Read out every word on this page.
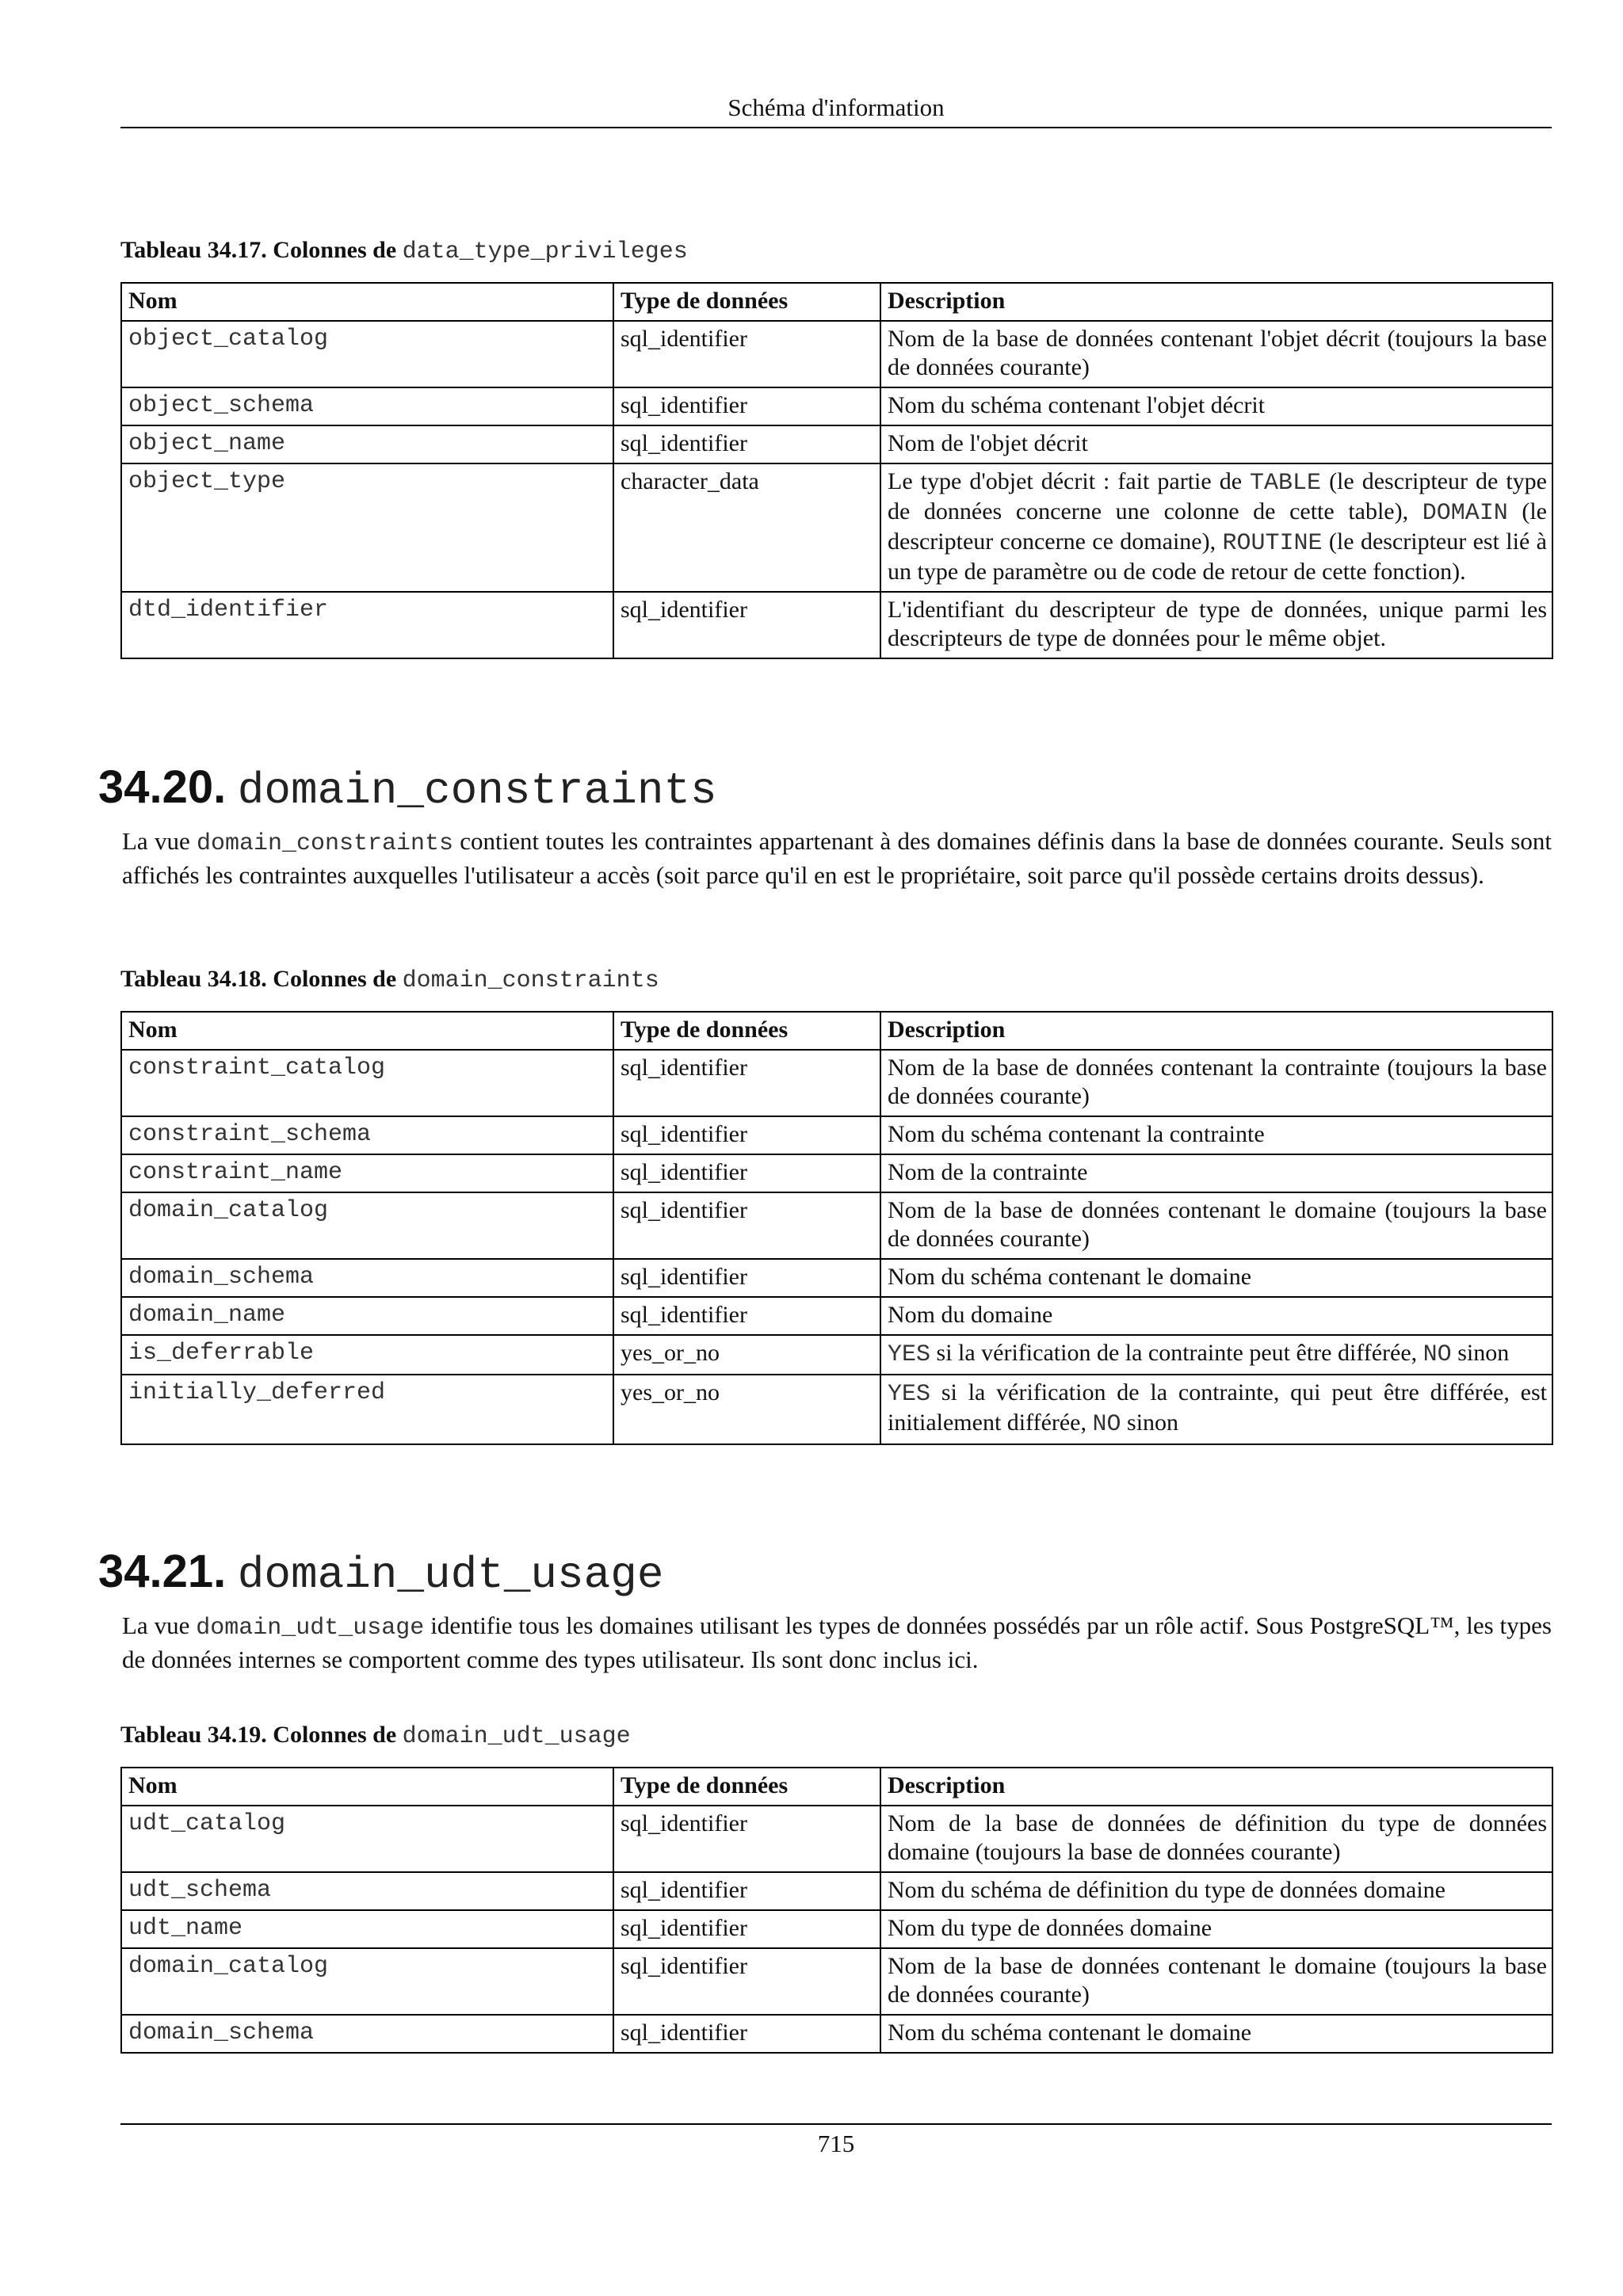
Schéma d'information
Tableau 34.17. Colonnes de data_type_privileges
Nom	Type de données	Description
object_catalog	sql_identifier	Nom de la base de données contenant l'objet décrit (toujours la base de données courante)
object_schema	sql_identifier	Nom du schéma contenant l'objet décrit
object_name	sql_identifier	Nom de l'objet décrit
object_type	character_data	Le type d'objet décrit : fait partie de TABLE (le descripteur de type de données concerne une colonne de cette table), DOMAIN (le descripteur concerne ce domaine), ROUTINE (le descripteur est lié à un type de paramètre ou de code de retour de cette fonction).
dtd_identifier	sql_identifier	L'identifiant du descripteur de type de données, unique parmi les descripteurs de type de données pour le même objet.
34.20. domain_constraints
La vue domain_constraints contient toutes les contraintes appartenant à des domaines définis dans la base de données courante. Seuls sont affichés les contraintes auxquelles l'utilisateur a accès (soit parce qu'il en est le propriétaire, soit parce qu'il possède certains droits dessus).
Tableau 34.18. Colonnes de domain_constraints
Nom	Type de données	Description
constraint_catalog	sql_identifier	Nom de la base de données contenant la contrainte (toujours la base de données courante)
constraint_schema	sql_identifier	Nom du schéma contenant la contrainte
constraint_name	sql_identifier	Nom de la contrainte
domain_catalog	sql_identifier	Nom de la base de données contenant le domaine (toujours la base de données courante)
domain_schema	sql_identifier	Nom du schéma contenant le domaine
domain_name	sql_identifier	Nom du domaine
is_deferrable	yes_or_no	YES si la vérification de la contrainte peut être différée, NO sinon
initially_deferred	yes_or_no	YES si la vérification de la contrainte, qui peut être différée, est initialement différée, NO sinon
34.21. domain_udt_usage
La vue domain_udt_usage identifie tous les domaines utilisant les types de données possédés par un rôle actif. Sous PostgreSQL™, les types de données internes se comportent comme des types utilisateur. Ils sont donc inclus ici.
Tableau 34.19. Colonnes de domain_udt_usage
Nom	Type de données	Description
udt_catalog	sql_identifier	Nom de la base de données de définition du type de données domaine (toujours la base de données courante)
udt_schema	sql_identifier	Nom du schéma de définition du type de données domaine
udt_name	sql_identifier	Nom du type de données domaine
domain_catalog	sql_identifier	Nom de la base de données contenant le domaine (toujours la base de données courante)
domain_schema	sql_identifier	Nom du schéma contenant le domaine
715
